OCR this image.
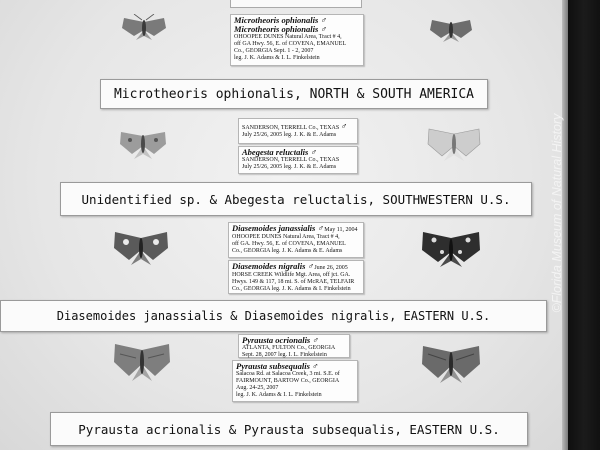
Microtheoris ophionalis ♂
Microtheoris ophionalis ♂
OHOOPEE DUNES Natural Area, Tract # 4,
off GA Hwy. 56, E. of COVENA, EMANUEL
Co., GEORGIA Sept. 1 - 2, 2007
leg. J. K. Adams & I. L. Finkelstein
Microtheoris ophionalis, NORTH & SOUTH AMERICA
SANDERSON, TERRELL Co., TEXAS ♂
July 25/26, 2005 leg. J. K. & E. Adams
Abegesta reluctalis ♂
SANDERSON, TERRELL Co., TEXAS
July 25/26, 2005 leg. J. K. & E. Adams
Unidentified sp. & Abegesta reluctalis, SOUTHWESTERN U.S.
Diasemoides janassialis ♂May 11, 2004
OHOOPEE DUNES Natural Area, Tract # 4,
off GA. Hwy. 56, E. of COVENA, EMANUEL
Co., GEORGIA leg. J. K. Adams & E. Adams
Diasemoides nigralis ♂June 26, 2005
HORSE CREEK Wildlife Mgt. Area, off jct. GA.
Hwys. 149 & 117, 18 mi. S. of McRAE, TELFAIR
Co., GEORGIA leg. J. K. Adams & I. Finkelstein
Diasemoides janassialis & Diasemoides nigralis, EASTERN U.S.
Pyrausta ocrionalis ♂
ATLANTA, FULTON Co., GEORGIA
Sept. 28, 2007 leg. I. L. Finkelstein
Pyrausta subsequalis ♂
Salacoa Rd. at Salacoa Creek, 3 mi. S.E. of
FAIRMOUNT, BARTOW Co., GEORGIA
Aug. 24-25, 2007
leg. J. K. Adams & I. L. Finkelstein
Pyrausta acrionalis & Pyrausta subsequalis, EASTERN U.S.
©Florida Museum of Natural History
